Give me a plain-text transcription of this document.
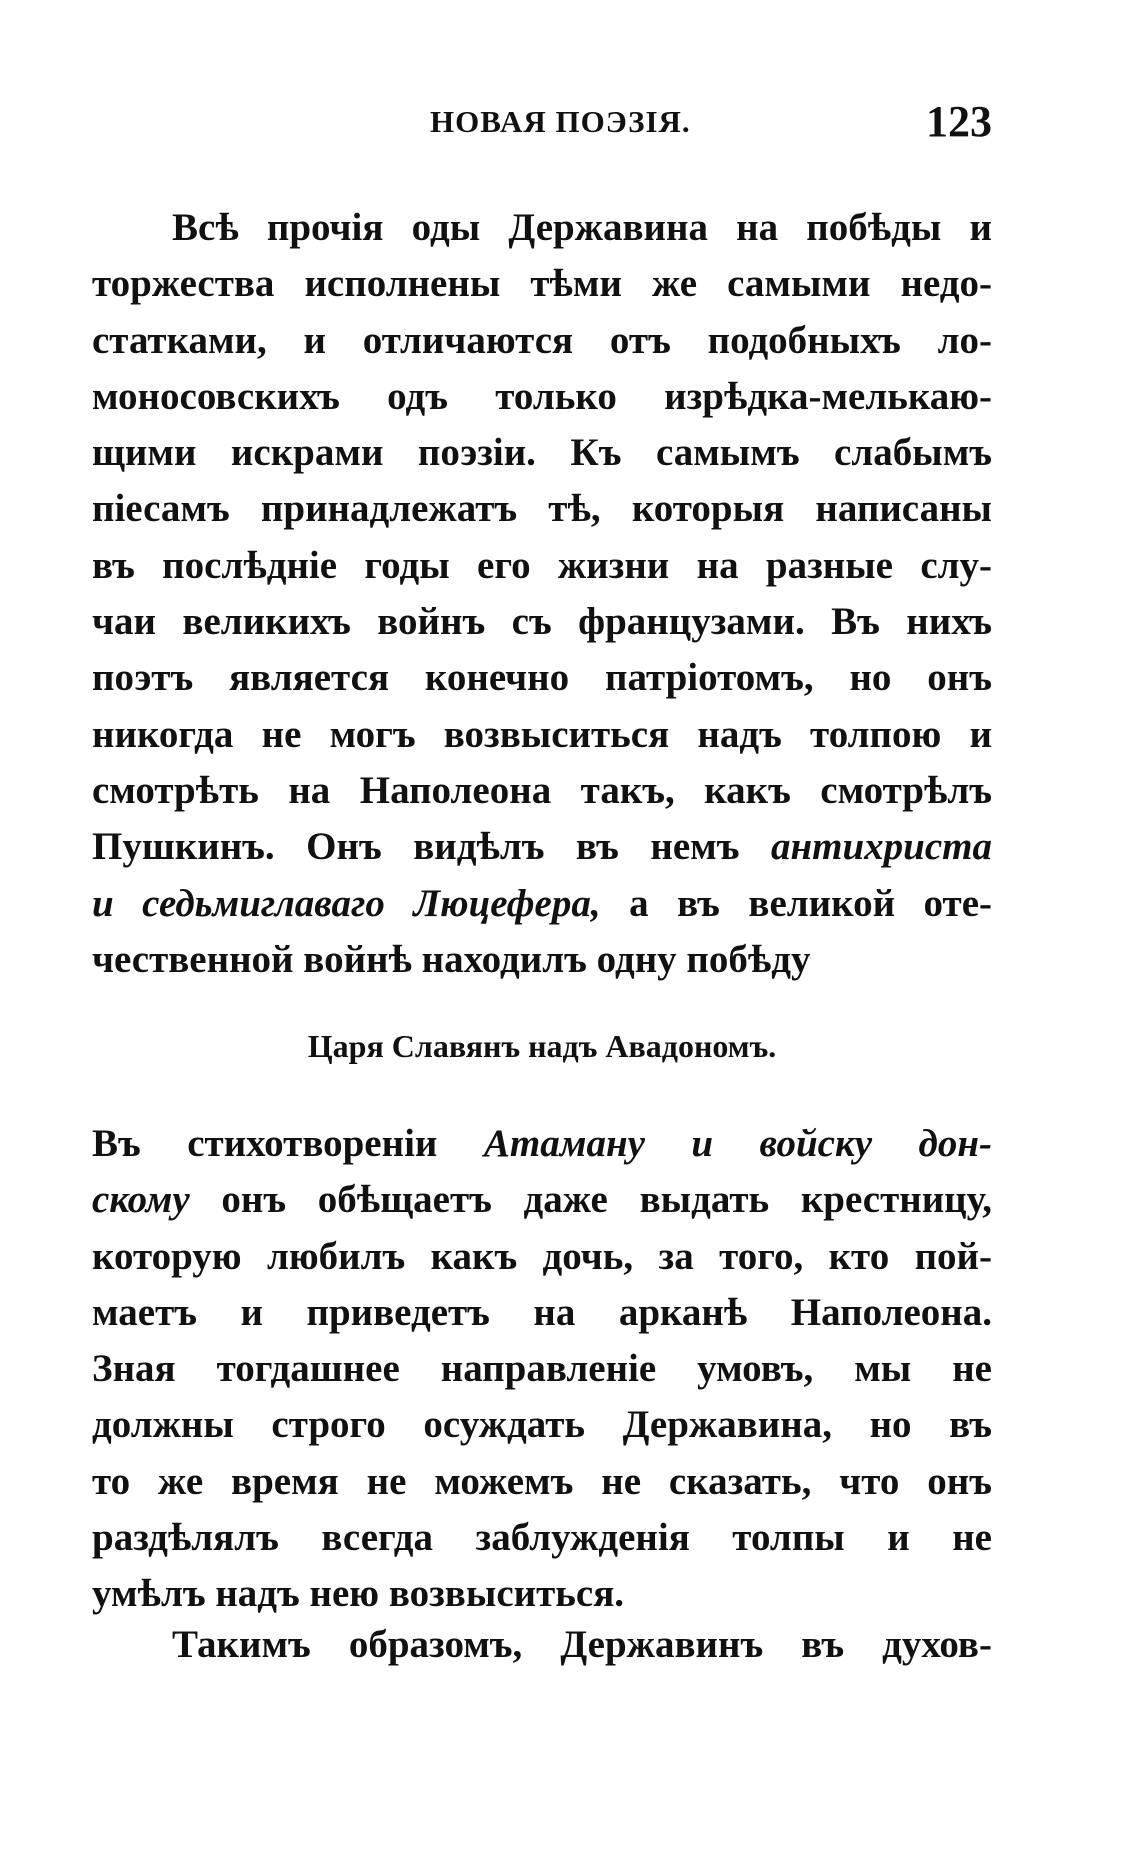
НОВАЯ ПОЭЗІЯ.	123
Всѣ прочія оды Державина на побѣды и
торжества исполнены тѣми же самыми недо-
статками, и отличаются отъ подобныхъ ло-
моносовскихъ одъ только изрѣдка-мелькаю-
щими искрами поэзіи. Къ самымъ слабымъ
піесамъ принадлежатъ тѣ, которыя написаны
въ послѣдніе годы его жизни на разные слу-
чаи великихъ войнъ съ французами. Въ нихъ
поэтъ является конечно патріотомъ, но онъ
никогда не могъ возвыситься надъ толпою и
смотрѣть на Наполеона такъ, какъ смотрѣлъ
Пушкинъ. Онъ видѣлъ въ немъ антихриста
и седьмиглаваго Люцефера, а въ великой оте-
чественной войнѣ находилъ одну побѣду
Царя Славянъ надъ Авадономъ.
Въ стихотвореніи Атаману и войску дон-
скому онъ обѣщаетъ даже выдать крестницу,
которую любилъ какъ дочь, за того, кто пой-
маетъ и приведетъ на арканѣ Наполеона.
Зная тогдашнее направленіе умовъ, мы не
должны строго осуждать Державина, но въ
то же время не можемъ не сказать, что онъ
раздѣлялъ всегда заблужденія толпы и не
умѣлъ надъ нею возвыситься.
Такимъ образомъ, Державинъ въ духов-
